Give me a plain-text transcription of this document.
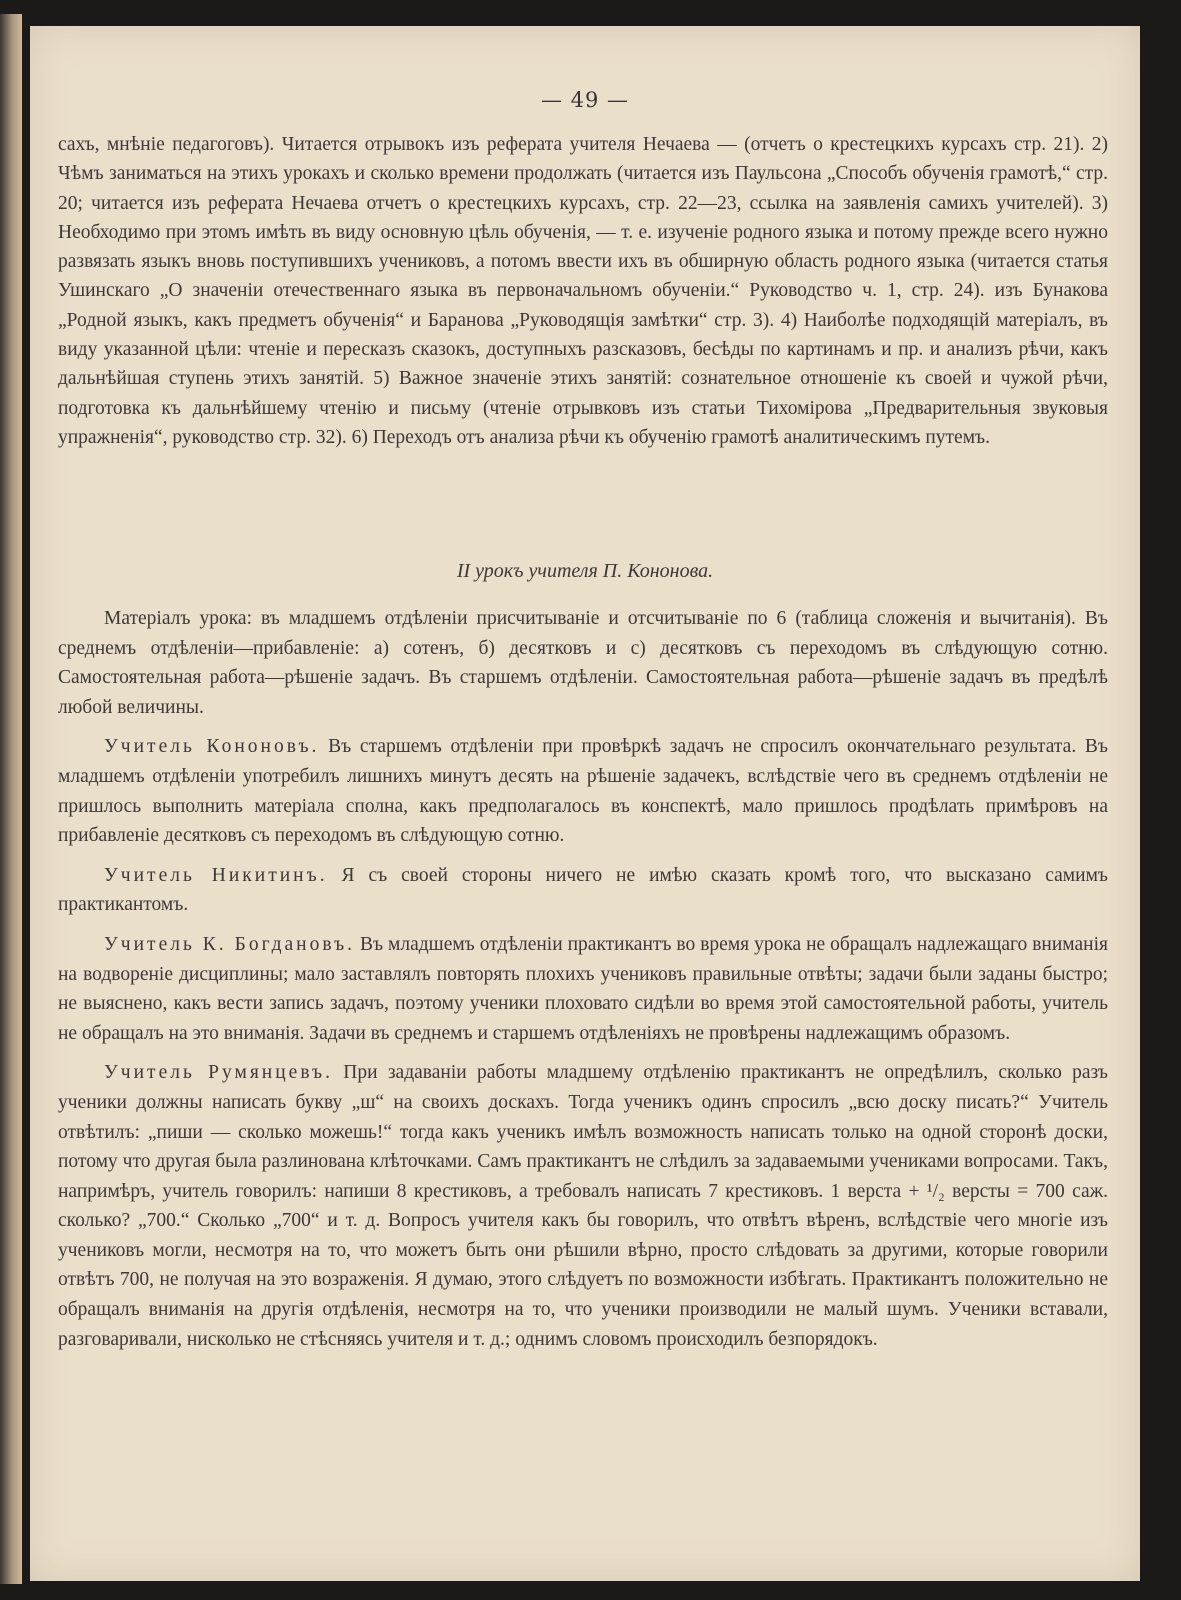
— 49 —

сахъ, мнѣніе педагоговъ). Читается отрывокъ изъ реферата учителя Нечаева — (отчетъ о крестецкихъ курсахъ стр. 21). 2) Чѣмъ заниматься на этихъ урокахъ и сколько времени продолжать (читается изъ Паульсона „Способъ обученія грамотѣ,“ стр. 20; читается изъ реферата Нечаева отчетъ о крестецкихъ курсахъ, стр. 22—23, ссылка на заявленія самихъ учителей). 3) Необходимо при этомъ имѣть въ виду основную цѣль обученія, — т. е. изученіе родного языка и потому прежде всего нужно развязать языкъ вновь поступившихъ учениковъ, а потомъ ввести ихъ въ обширную область родного языка (читается статья Ушинскаго „О значеніи отечественнаго языка въ первоначальномъ обученіи.“ Руководство ч. 1, стр. 24). изъ Бунакова „Родной языкъ, какъ предметъ обученія“ и Баранова „Руководящія замѣтки“ стр. 3). 4) Наиболѣе подходящій матеріалъ, въ виду указанной цѣли: чтеніе и пересказъ сказокъ, доступныхъ разсказовъ, бесѣды по картинамъ и пр. и анализъ рѣчи, какъ дальнѣйшая ступень этихъ занятій. 5) Важное значеніе этихъ занятій: сознательное отношеніе къ своей и чужой рѣчи, подготовка къ дальнѣйшему чтенію и письму (чтеніе отрывковъ изъ статьи Тихомірова „Предварительныя звуковыя упражненія“, руководство стр. 32). 6) Переходъ отъ анализа рѣчи къ обученію грамотѣ аналитическимъ путемъ.

II урокъ учителя П. Кононова.

Матеріалъ урока: въ младшемъ отдѣленіи присчитываніе и отсчитываніе по 6 (таблица сложенія и вычитанія). Въ среднемъ отдѣленіи—прибавленіе: а) сотенъ, б) десятковъ и с) десятковъ съ переходомъ въ слѣдующую сотню. Самостоятельная работа—рѣшеніе задачъ. Въ старшемъ отдѣленіи. Самостоятельная работа—рѣшеніе задачъ въ предѣлѣ любой величины.

Учитель Кононовъ. Въ старшемъ отдѣленіи при провѣркѣ задачъ не спросилъ окончательнаго результата. Въ младшемъ отдѣленіи употребилъ лишнихъ минутъ десять на рѣшеніе задачекъ, вслѣдствіе чего въ среднемъ отдѣленіи не пришлось выполнить матеріала сполна, какъ предполагалось въ конспектѣ, мало пришлось продѣлать примѣровъ на прибавленіе десятковъ съ переходомъ въ слѣдующую сотню.

Учитель Никитинъ. Я съ своей стороны ничего не имѣю сказать кромѣ того, что высказано самимъ практикантомъ.

Учитель К. Богдановъ. Въ младшемъ отдѣленіи практикантъ во время урока не обращалъ надлежащаго вниманія на водвореніе дисциплины; мало заставлялъ повторять плохихъ учениковъ правильные отвѣты; задачи были заданы быстро; не выяснено, какъ вести запись задачъ, поэтому ученики плоховато сидѣли во время этой самостоятельной работы, учитель не обращалъ на это вниманія. Задачи въ среднемъ и старшемъ отдѣленіяхъ не провѣрены надлежащимъ образомъ.

Учитель Румянцевъ. При задаваніи работы младшему отдѣленію практикантъ не опредѣлилъ, сколько разъ ученики должны написать букву „ш“ на своихъ доскахъ. Тогда ученикъ одинъ спросилъ „всю доску писать?“ Учитель отвѣтилъ: „пиши — сколько можешь!“ тогда какъ ученикъ имѣлъ возможность написать только на одной сторонѣ доски, потому что другая была разлинована клѣточками. Самъ практикантъ не слѣдилъ за задаваемыми учениками вопросами. Такъ, напримѣръ, учитель говорилъ: напиши 8 крестиковъ, а требовалъ написать 7 крестиковъ. 1 верста + ¹/₂ версты = 700 саж. сколько? „700.“ Сколько „700“ и т. д. Вопросъ учителя какъ бы говорилъ, что отвѣтъ вѣренъ, вслѣдствіе чего многіе изъ учениковъ могли, несмотря на то, что можетъ быть они рѣшили вѣрно, просто слѣдовать за другими, которые говорили отвѣтъ 700, не получая на это возраженія. Я думаю, этого слѣдуетъ по возможности избѣгать. Практикантъ положительно не обращалъ вниманія на другія отдѣленія, несмотря на то, что ученики производили не малый шумъ. Ученики вставали, разговаривали, нисколько не стѣсняясь учителя и т. д.; однимъ словомъ происходилъ безпорядокъ.
